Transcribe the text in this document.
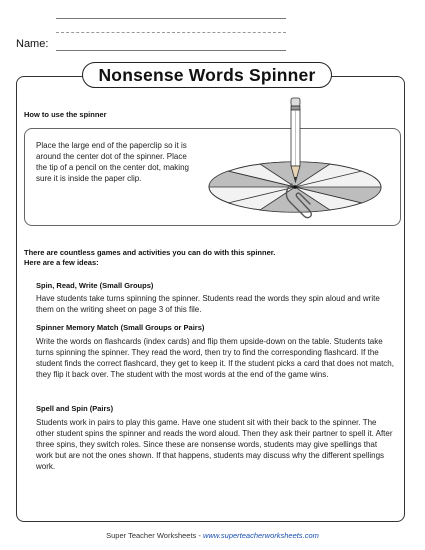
Name:
Nonsense Words Spinner
How to use the spinner
Place the large end of the paperclip so it is around the center dot of the spinner. Place the tip of a pencil on the center dot, making sure it is inside the paper clip.
There are countless games and activities you can do with this spinner.
Here are a few ideas:
Spin, Read, Write (Small Groups)
Have students take turns spinning the spinner. Students read the words they spin aloud and write them on the writing sheet on page 3 of this file.
Spinner Memory Match (Small Groups or Pairs)
Write the words on flashcards (index cards) and flip them upside-down on the table. Students take turns spinning the spinner. They read the word, then try to find the corresponding flashcard. If the student finds the correct flashcard, they get to keep it. If the student picks a card that does not match, they flip it back over. The student with the most words at the end of the game wins.
Spell and Spin (Pairs)
Students work in pairs to play this game. Have one student sit with their back to the spinner. The other student spins the spinner and reads the word aloud. Then they ask their partner to spell it. After three spins, they switch roles. Since these are nonsense words, students may give spellings that work but are not the ones shown. If that happens, students may discuss why the different spellings work.
Super Teacher Worksheets - www.superteacherworksheets.com
